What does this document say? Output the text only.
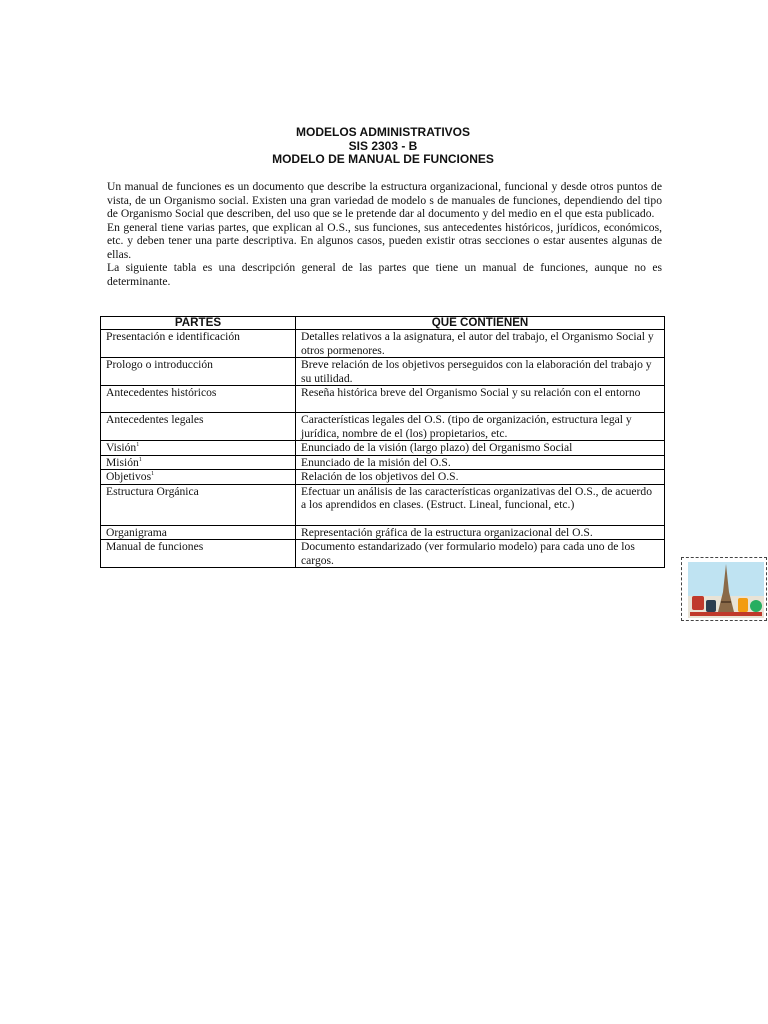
MODELOS ADMINISTRATIVOS
SIS 2303 - B
MODELO DE MANUAL DE FUNCIONES

Un manual de funciones es un documento que describe la estructura organizacional, funcional y desde otros puntos de vista, de un Organismo social. Existen una gran variedad de modelo s de manuales de funciones, dependiendo del tipo de Organismo Social que describen, del uso que se le pretende dar al documento y del medio en el que esta publicado.

En general tiene varias partes, que explican al O.S., sus funciones, sus antecedentes históricos, jurídicos, económicos, etc. y deben tener una parte descriptiva. En algunos casos, pueden existir otras secciones o estar ausentes algunas de ellas.

La siguiente tabla es una descripción general de las partes que tiene un manual de funciones, aunque no es determinante.

PARTES	QUE CONTIENEN
Presentación e identificación	Detalles relativos a la asignatura, el autor del trabajo, el Organismo Social y otros pormenores.
Prologo o introducción	Breve relación de los objetivos perseguidos con la elaboración del trabajo y su utilidad.
Antecedentes históricos	Reseña histórica breve del Organismo Social y su relación con el entorno
Antecedentes legales	Características legales del O.S. (tipo de organización, estructura legal y jurídica, nombre de el (los) propietarios, etc.
Visión$^1$	Enunciado de la visión (largo plazo) del Organismo Social
Misión$^1$	Enunciado de la misión del O.S.
Objetivos$^1$	Relación de los objetivos del O.S.
Estructura Orgánica	Efectuar un análisis de las características organizativas del O.S., de acuerdo a los aprendidos en clases. (Estruct. Lineal, funcional, etc.)
Organigrama	Representación gráfica de la estructura organizacional del O.S.
Manual de funciones	Documento estandarizado (ver formulario modelo) para cada uno de los cargos.
